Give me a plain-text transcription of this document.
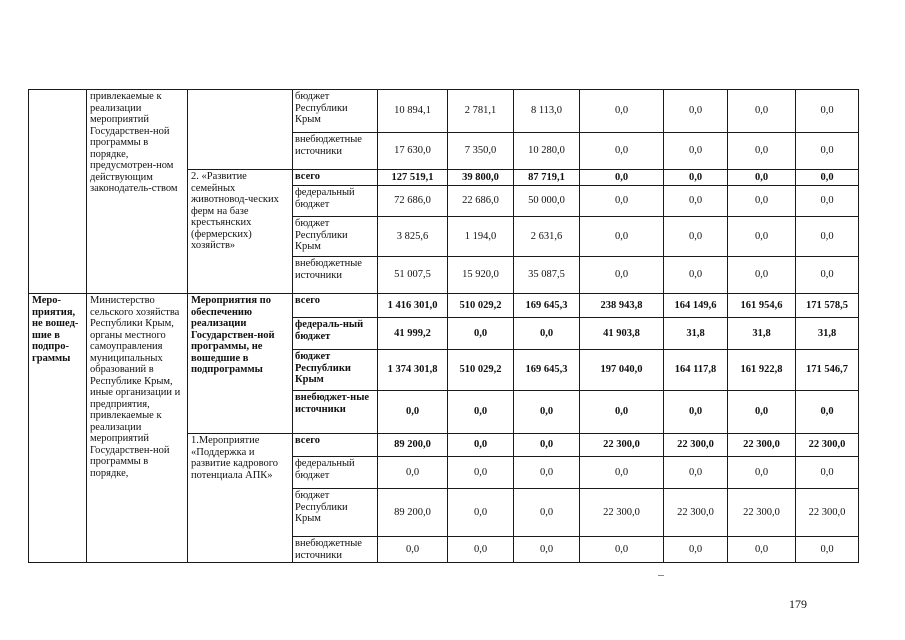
	привлекаемые к реализации мероприятий Государствен-ной программы в порядке, предусмотрен-ном действующим законодатель-ством		бюджет Республики Крым	10 894,1	2 781,1	8 113,0	0,0	0,0	0,0	0,0
			внебюджетные источники	17 630,0	7 350,0	10 280,0	0,0	0,0	0,0	0,0
		2. «Развитие семейных животновод-ческих ферм на базе крестьянских (фермерских) хозяйств»	всего	127 519,1	39 800,0	87 719,1	0,0	0,0	0,0	0,0
			федеральный бюджет	72 686,0	22 686,0	50 000,0	0,0	0,0	0,0	0,0
			бюджет Республики Крым	3 825,6	1 194,0	2 631,6	0,0	0,0	0,0	0,0
			внебюджетные источники	51 007,5	15 920,0	35 087,5	0,0	0,0	0,0	0,0
Меро-приятия, не вошед-шие в подпро-граммы	Министерство сельского хозяйства Республики Крым, органы местного самоуправления муниципальных образований в Республике Крым, иные организации и предприятия, привлекаемые к реализации мероприятий Государствен-ной программы в порядке,	Мероприятия по обеспечению реализации Государствен-ной программы, не вошедшие в подпрограммы	всего	1 416 301,0	510 029,2	169 645,3	238 943,8	164 149,6	161 954,6	171 578,5
			федераль-ный бюджет	41 999,2	0,0	0,0	41 903,8	31,8	31,8	31,8
			бюджет Республики Крым	1 374 301,8	510 029,2	169 645,3	197 040,0	164 117,8	161 922,8	171 546,7
			внебюджет-ные источники	0,0	0,0	0,0	0,0	0,0	0,0	0,0
		1.Мероприятие «Поддержка и развитие кадрового потенциала АПК»	всего	89 200,0	0,0	0,0	22 300,0	22 300,0	22 300,0	22 300,0
			федеральный бюджет	0,0	0,0	0,0	0,0	0,0	0,0	0,0
			бюджет Республики Крым	89 200,0	0,0	0,0	22 300,0	22 300,0	22 300,0	22 300,0
			внебюджетные источники	0,0	0,0	0,0	0,0	0,0	0,0	0,0
179
